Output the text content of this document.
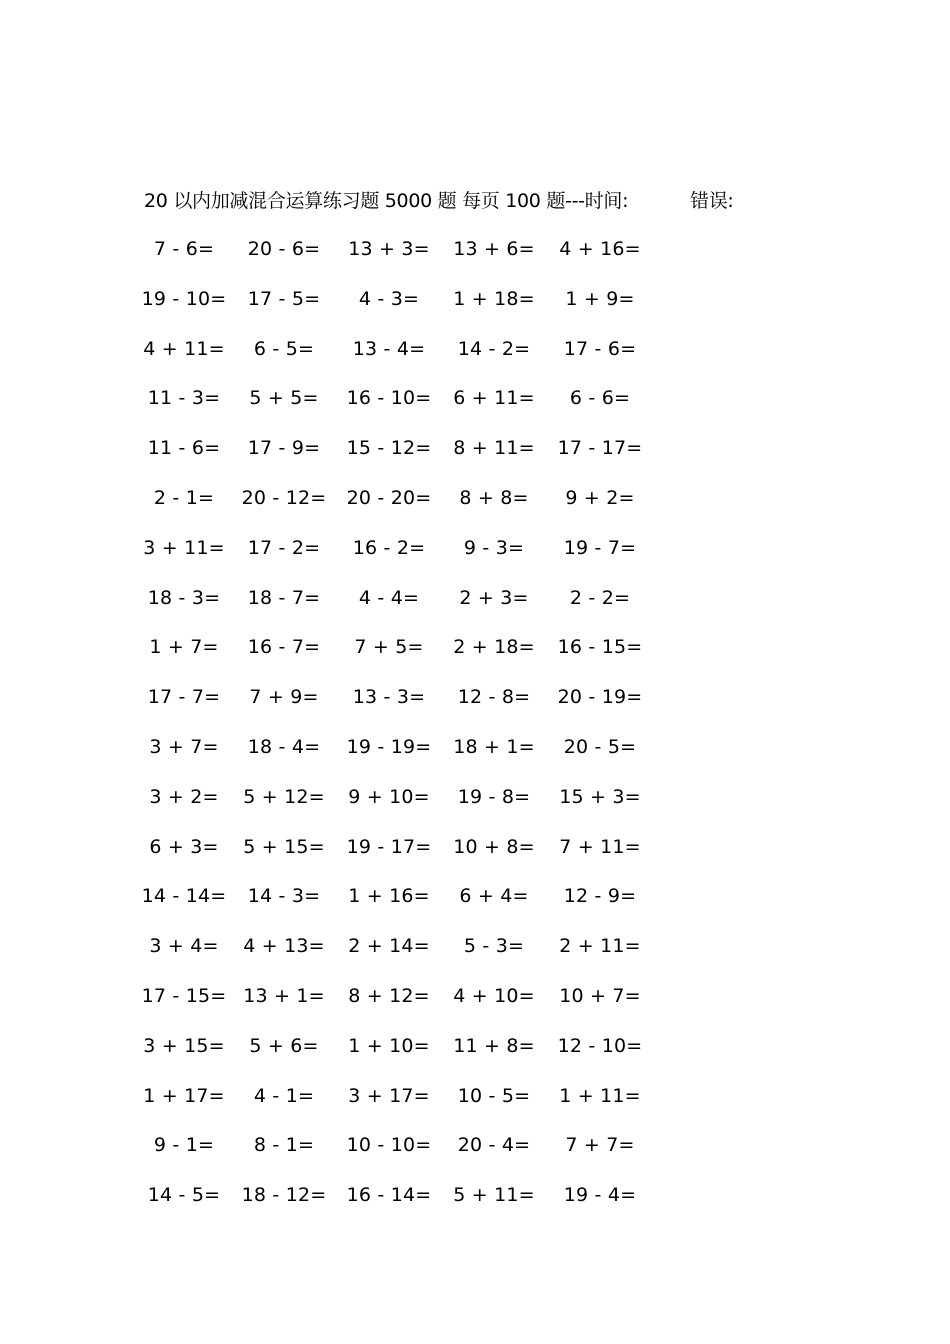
20 以内加减混合运算练习题 5000 题 每页 100 题---时间:	错误:
7 - 6= 20 - 6= 13 + 3= 13 + 6= 4 + 16=
19 - 10= 17 - 5= 4 - 3= 1 + 18= 1 + 9=
4 + 11= 6 - 5= 13 - 4= 14 - 2= 17 - 6=
11 - 3= 5 + 5= 16 - 10= 6 + 11= 6 - 6=
11 - 6= 17 - 9= 15 - 12= 8 + 11= 17 - 17=
2 - 1= 20 - 12= 20 - 20= 8 + 8= 9 + 2=
3 + 11= 17 - 2= 16 - 2= 9 - 3= 19 - 7=
18 - 3= 18 - 7= 4 - 4= 2 + 3= 2 - 2=
1 + 7= 16 - 7= 7 + 5= 2 + 18= 16 - 15=
17 - 7= 7 + 9= 13 - 3= 12 - 8= 20 - 19=
3 + 7= 18 - 4= 19 - 19= 18 + 1= 20 - 5=
3 + 2= 5 + 12= 9 + 10= 19 - 8= 15 + 3=
6 + 3= 5 + 15= 19 - 17= 10 + 8= 7 + 11=
14 - 14= 14 - 3= 1 + 16= 6 + 4= 12 - 9=
3 + 4= 4 + 13= 2 + 14= 5 - 3= 2 + 11=
17 - 15= 13 + 1= 8 + 12= 4 + 10= 10 + 7=
3 + 15= 5 + 6= 1 + 10= 11 + 8= 12 - 10=
1 + 17= 4 - 1= 3 + 17= 10 - 5= 1 + 11=
9 - 1= 8 - 1= 10 - 10= 20 - 4= 7 + 7=
14 - 5= 18 - 12= 16 - 14= 5 + 11= 19 - 4=
